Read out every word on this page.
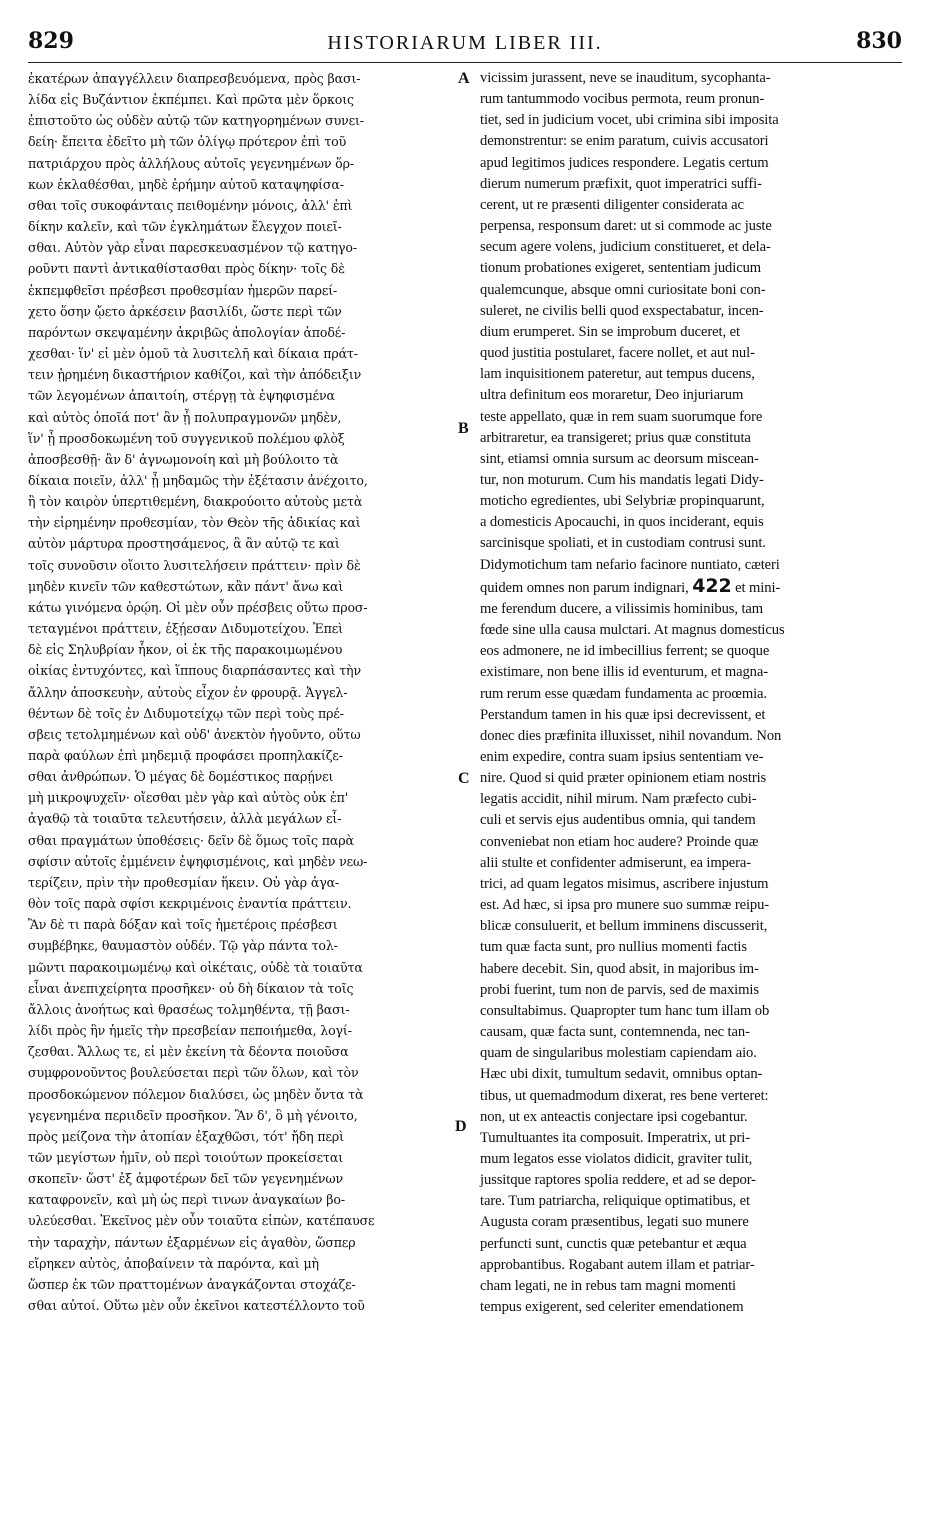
829	HISTORIARUM LIBER III.	830
ἑκατέρων ἀπαγγέλλειν διαπρεσβευόμενα, πρὸς βασι-
λίδα εἰς Βυζάντιον ἐκπέμπει. Καὶ πρῶτα μὲν ὅρκοις
ἐπιστοῦτο ὡς οὐδὲν αὐτῷ τῶν κατηγορημένων συνει-
δείη· ἔπειτα ἐδεῖτο μὴ τῶν ὀλίγῳ πρότερον ἐπὶ τοῦ
πατριάρχου πρὸς ἀλλήλους αὐτοῖς γεγενημένων ὅρ-
κων ἐκλαθέσθαι, μηδὲ ἐρήμην αὐτοῦ καταψηφίσα-
σθαι τοῖς συκοφάνταις πειθομένην μόνοις, ἀλλ' ἐπὶ
δίκην καλεῖν, καὶ τῶν ἐγκλημάτων ἔλεγχον ποιεῖ-
σθαι. Αὐτὸν γὰρ εἶναι παρεσκευασμένον τῷ κατηγο-
ροῦντι παντὶ ἀντικαθίστασθαι πρὸς δίκην· τοῖς δὲ
ἐκπεμφθεῖσι πρέσβεσι προθεσμίαν ἡμερῶν παρεί-
χετο ὅσην ᾤετο ἀρκέσειν βασιλίδι, ὥστε περὶ τῶν
παρόντων σκεψαμένην ἀκριβῶς ἀπολογίαν ἀποδέ-
χεσθαι· ἵν' εἰ μὲν ὁμοῦ τὰ λυσιτελῆ καὶ δίκαια πράτ-
τειν ᾑρημένη δικαστήριον καθίζοι, καὶ τὴν ἀπόδειξιν
τῶν λεγομένων ἀπαιτοίη, στέργῃ τὰ ἐψηφισμένα
καὶ αὐτὸς ὁποῖά ποτ' ἂν ᾖ πολυπραγμονῶν μηδὲν,
ἵν' ᾖ προσδοκωμένη τοῦ συγγενικοῦ πολέμου φλὸξ
ἀποσβεσθῇ· ἂν δ' ἀγνωμονοίη καὶ μὴ βούλοιτο τὰ
δίκαια ποιεῖν, ἀλλ' ᾖ μηδαμῶς τὴν ἐξέτασιν ἀνέχοιτο,
ἢ τὸν καιρὸν ὑπερτιθεμένη, διακρούοιτο αὐτοὺς μετὰ
τὴν εἰρημένην προθεσμίαν, τὸν Θεὸν τῆς ἀδικίας καὶ
αὐτὸν μάρτυρα προστησάμενος, ἃ ἂν αὐτῷ τε καὶ
τοῖς συνοῦσιν οἴοιτο λυσιτελήσειν πράττειν· πρὶν δὲ
μηδὲν κινεῖν τῶν καθεστώτων, κἂν πάντ' ἄνω καὶ
κάτω γινόμενα ὁρῴη. Οἱ μὲν οὖν πρέσβεις οὕτω προσ-
τεταγμένοι πράττειν, ἐξῄεσαν Διδυμοτείχου. Ἐπεὶ
δὲ εἰς Σηλυβρίαν ἧκον, οἱ ἐκ τῆς παρακοιμωμένου
οἰκίας ἐντυχόντες, καὶ ἵππους διαρπάσαντες καὶ τὴν
ἄλλην ἀποσκευὴν, αὐτοὺς εἶχον ἐν φρουρᾷ. Ἀγγελ-
θέντων δὲ τοῖς ἐν Διδυμοτείχῳ τῶν περὶ τοὺς πρέ-
σβεις τετολμημένων καὶ οὐδ' ἀνεκτὸν ἡγοῦντο, οὕτω
παρὰ φαύλων ἐπὶ μηδεμιᾷ προφάσει προπηλακίζε-
σθαι ἀνθρώπων. Ὁ μέγας δὲ δομέστικος παρῄνει
μὴ μικροψυχεῖν· οἴεσθαι μὲν γὰρ καὶ αὐτὸς οὐκ ἐπ'
ἀγαθῷ τὰ τοιαῦτα τελευτήσειν, ἀλλὰ μεγάλων εἶ-
σθαι πραγμάτων ὑποθέσεις· δεῖν δὲ ὅμως τοῖς παρὰ
σφίσιν αὐτοῖς ἐμμένειν ἐψηφισμένοις, καὶ μηδὲν νεω-
τερίζειν, πρὶν τὴν προθεσμίαν ἥκειν. Οὐ γὰρ ἀγα-
θὸν τοῖς παρὰ σφίσι κεκριμένοις ἐναντία πράττειν.
Ἂν δὲ τι παρὰ δόξαν καὶ τοῖς ἡμετέροις πρέσβεσι
συμβέβηκε, θαυμαστὸν οὐδέν. Τῷ γὰρ πάντα τολ-
μῶντι παρακοιμωμένῳ καὶ οἰκέταις, οὐδὲ τὰ τοιαῦτα
εἶναι ἀνεπιχείρητα προσῆκεν· οὐ δὴ δίκαιον τὰ τοῖς
ἄλλοις ἀνοήτως καὶ θρασέως τολμηθέντα, τῇ βασι-
λίδι πρὸς ἣν ἡμεῖς τὴν πρεσβείαν πεποιήμεθα, λογί-
ζεσθαι. Ἄλλως τε, εἰ μὲν ἐκείνη τὰ δέοντα ποιοῦσα
συμφρονοῦντος βουλεύσεται περὶ τῶν ὅλων, καὶ τὸν
προσδοκώμενον πόλεμον διαλύσει, ὡς μηδὲν ὄντα τὰ
γεγενημένα περιιδεῖν προσῆκον. Ἂν δ', ὃ μὴ γένοιτο,
πρὸς μείζονα τὴν ἀτοπίαν ἐξαχθῶσι, τότ' ἤδη περὶ
τῶν μεγίστων ἡμῖν, οὐ περὶ τοιούτων προκείσεται
σκοπεῖν· ὥστ' ἐξ ἀμφοτέρων δεῖ τῶν γεγενημένων
καταφρονεῖν, καὶ μὴ ὡς περὶ τινων ἀναγκαίων βο-
υλεύεσθαι. Ἐκεῖνος μὲν οὖν τοιαῦτα εἰπὼν, κατέπαυσε
τὴν ταραχὴν, πάντων ἐξαρμένων εἰς ἀγαθὸν, ὥσπερ
εἴρηκεν αὐτὸς, ἀποβαίνειν τὰ παρόντα, καὶ μὴ
ὥσπερ ἐκ τῶν πραττομένων ἀναγκάζονται στοχάζε-
σθαι αὐτοί. Οὕτω μὲν οὖν ἐκεῖνοι κατεστέλλοντο τοῦ
vicissim jurassent, neve se inauditum, sycophanta-
rum tantummodo vocibus permota, reum pronun-
tiet, sed in judicium vocet, ubi crimina sibi imposita
demonstrentur: se enim paratum, cuivis accusatori
apud legitimos judices respondere. Legatis certum
dierum numerum præfixit, quot imperatrici suffi-
cerent, ut re præsenti diligenter considerata ac
perpensa, responsum daret: ut si commode ac juste
secum agere volens, judicium constitueret, et dela-
tionum probationes exigeret, sententiam judicum
qualemcunque, absque omni curiositate boni con-
suleret, ne civilis belli quod exspectabatur, incen-
dium erumperet. Sin se improbum duceret, et
quod justitia postularet, facere nollet, et aut nul-
lam inquisitionem pateretur, aut tempus ducens,
ultra definitum eos moraretur, Deo injuriarum
teste appellato, quæ in rem suam suorumque fore
arbitraretur, ea transigeret; prius quæ constituta
sint, etiamsi omnia sursum ac deorsum miscean-
tur, non moturum. Cum his mandatis legati Didy-
moticho egredientes, ubi Selybriæ propinquarunt,
a domesticis Apocauchi, in quos inciderant, equis
sarcinisque spoliati, et in custodiam contrusi sunt.
Didymotichum tam nefario facinore nuntiato, cæteri
quidem omnes non parum indignari, 422 et mini-
me ferendum ducere, a vilissimis hominibus, tam
fœde sine ulla causa mulctari. At magnus domesticus
eos admonere, ne id imbecillius ferrent; se quoque
existimare, non bene illis id eventurum, et magna-
rum rerum esse quædam fundamenta ac proœmia.
Perstandum tamen in his quæ ipsi decrevissent, et
donec dies præfinita illuxisset, nihil novandum. Non
enim expedire, contra suam ipsius sententiam ve-
nire. Quod si quid præter opinionem etiam nostris
legatis accidit, nihil mirum. Nam præfecto cubi-
culi et servis ejus audentibus omnia, qui tandem
conveniebat non etiam hoc audere? Proinde quæ
alii stulte et confidenter admiserunt, ea impera-
trici, ad quam legatos misimus, ascribere injustum
est. Ad hæc, si ipsa pro munere suo summæ reipu-
blicæ consuluerit, et bellum imminens discusserit,
tum quæ facta sunt, pro nullius momenti factis
habere decebit. Sin, quod absit, in majoribus im-
probi fuerint, tum non de parvis, sed de maximis
consultabimus. Quapropter tum hanc tum illam ob
causam, quæ facta sunt, contemnenda, nec tan-
quam de singularibus molestiam capiendam aio.
Hæc ubi dixit, tumultum sedavit, omnibus optan-
tibus, ut quemadmodum dixerat, res bene verteret:
non, ut ex anteactis conjectare ipsi cogebantur.
Tumultuantes ita composuit. Imperatrix, ut pri-
mum legatos esse violatos didicit, graviter tulit,
jussitque raptores spolia reddere, et ad se depor-
tare. Tum patriarcha, reliquique optimatibus, et
Augusta coram præsentibus, legati suo munere
perfuncti sunt, cunctis quæ petebantur et æqua
approbantibus. Rogabant autem illam et patriar-
cham legati, ne in rebus tam magni momenti
tempus exigerent, sed celeriter emendationem
A
B
C
D
